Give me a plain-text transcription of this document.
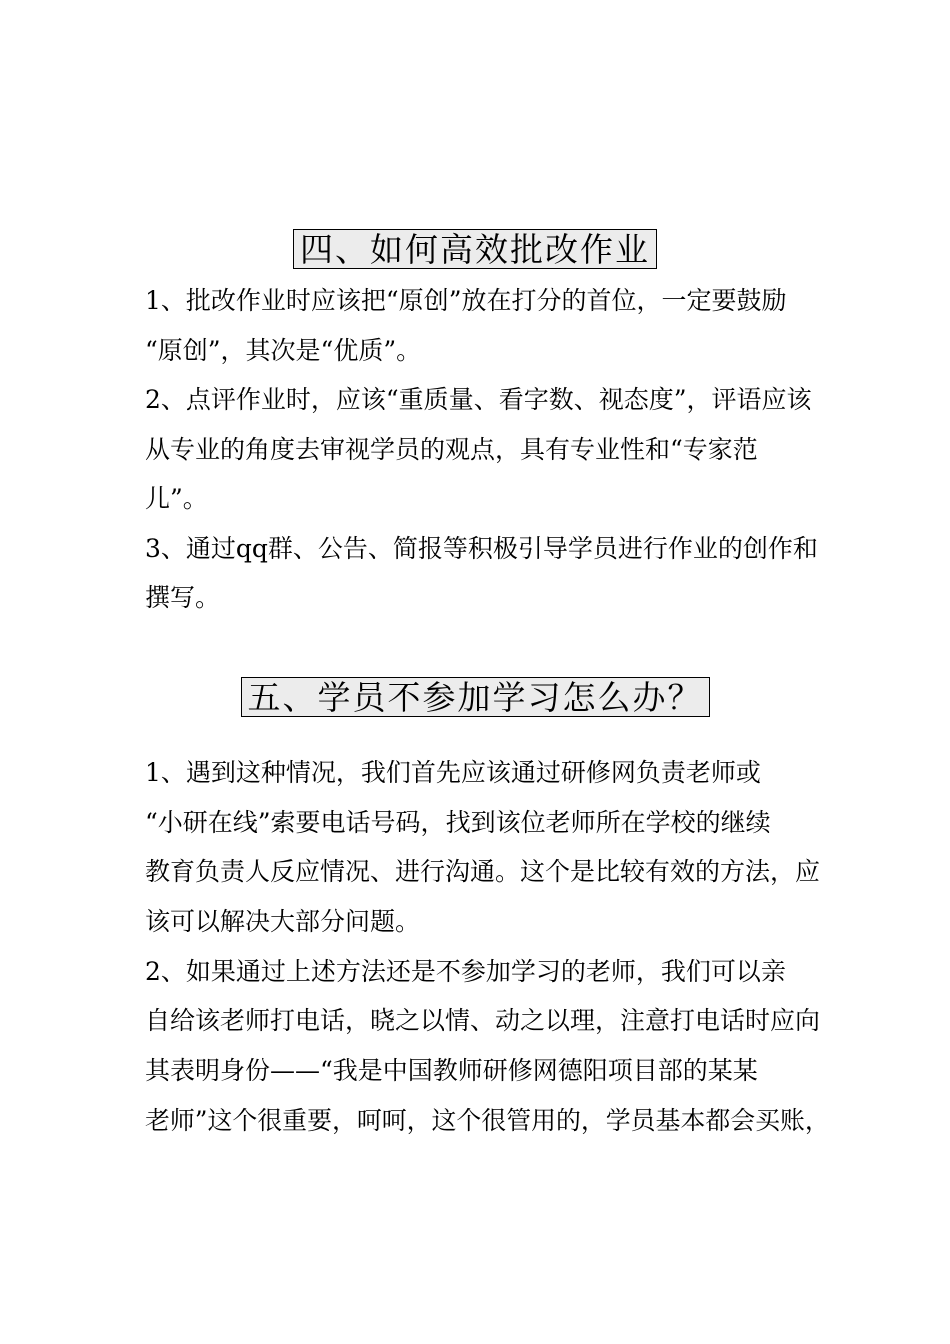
四、如何高效批改作业
1、批改作业时应该把“原创”放在打分的首位，一定要鼓励
“原创”，其次是“优质”。
2、点评作业时，应该“重质量、看字数、视态度”，评语应该
从专业的角度去审视学员的观点，具有专业性和“专家范
儿”。
3、通过qq群、公告、简报等积极引导学员进行作业的创作和
撰写。
五、学员不参加学习怎么办？
1、遇到这种情况，我们首先应该通过研修网负责老师或
“小研在线”索要电话号码，找到该位老师所在学校的继续
教育负责人反应情况、进行沟通。这个是比较有效的方法，应
该可以解决大部分问题。
2、如果通过上述方法还是不参加学习的老师，我们可以亲
自给该老师打电话，晓之以情、动之以理，注意打电话时应向
其表明身份——“我是中国教师研修网德阳项目部的某某
老师”这个很重要，呵呵，这个很管用的，学员基本都会买账，
